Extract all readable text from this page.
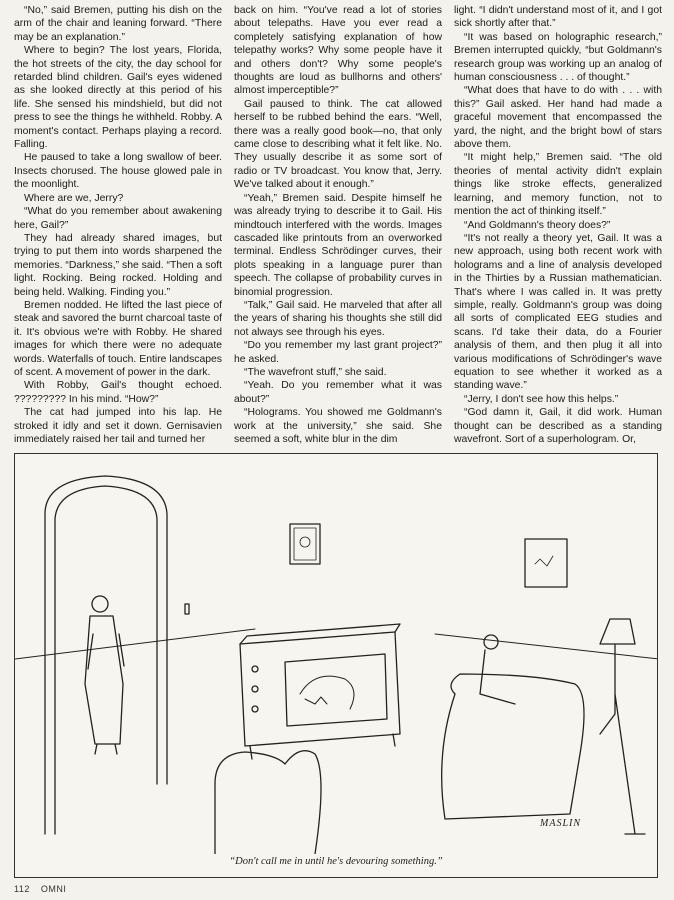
“No,” said Bremen, putting his dish on the arm of the chair and leaning forward. “There may be an explanation.”

Where to begin? The lost years, Florida, the hot streets of the city, the day school for retarded blind children. Gail's eyes widened as she looked directly at this period of his life. She sensed his mindshield, but did not press to see the things he withheld. Robby. A moment's contact. Perhaps playing a record. Falling.

He paused to take a long swallow of beer. Insects chorused. The house glowed pale in the moonlight.

Where are we, Jerry?

“What do you remember about awakening here, Gail?”

They had already shared images, but trying to put them into words sharpened the memories. “Darkness,” she said. “Then a soft light. Rocking. Being rocked. Holding and being held. Walking. Finding you.”

Bremen nodded. He lifted the last piece of steak and savored the burnt charcoal taste of it. It's obvious we're with Robby. He shared images for which there were no adequate words. Waterfalls of touch. Entire landscapes of scent. A movement of power in the dark.

With Robby, Gail's thought echoed. ????????? In his mind. “How?”

The cat had jumped into his lap. He stroked it idly and set it down. Gernisavien immediately raised her tail and turned her

back on him. “You've read a lot of stories about telepaths. Have you ever read a completely satisfying explanation of how telepathy works? Why some people have it and others don't? Why some people's thoughts are loud as bullhorns and others' almost imperceptible?”

Gail paused to think. The cat allowed herself to be rubbed behind the ears. “Well, there was a really good book—no, that only came close to describing what it felt like. No. They usually describe it as some sort of radio or TV broadcast. You know that, Jerry. We've talked about it enough.”

“Yeah,” Bremen said. Despite himself he was already trying to describe it to Gail. His mindtouch interfered with the words. Images cascaded like printouts from an overworked terminal. Endless Schrödinger curves, their plots speaking in a language purer than speech. The collapse of probability curves in binomial progression.

“Talk,” Gail said. He marveled that after all the years of sharing his thoughts she still did not always see through his eyes.

“Do you remember my last grant project?” he asked.

“The wavefront stuff,” she said.

“Yeah. Do you remember what it was about?”

“Holograms. You showed me Goldmann's work at the university,” she said. She seemed a soft, white blur in the dim

light. “I didn't understand most of it, and I got sick shortly after that.”

“It was based on holographic research,” Bremen interrupted quickly, “but Goldmann's research group was working up an analog of human consciousness . . . of thought.”

“What does that have to do with . . . with this?” Gail asked. Her hand had made a graceful movement that encompassed the yard, the night, and the bright bowl of stars above them.

“It might help,” Bremen said. “The old theories of mental activity didn't explain things like stroke effects, generalized learning, and memory function, not to mention the act of thinking itself.”

“And Goldmann's theory does?”

“It's not really a theory yet, Gail. It was a new approach, using both recent work with holograms and a line of analysis developed in the Thirties by a Russian mathematician. That's where I was called in. It was pretty simple, really. Goldmann's group was doing all sorts of complicated EEG studies and scans. I'd take their data, do a Fourier analysis of them, and then plug it all into various modifications of Schrödinger's wave equation to see whether it worked as a standing wave.”

“Jerry, I don't see how this helps.”

“God damn it, Gail, it did work. Human thought can be described as a standing wavefront. Sort of a superhologram. Or,

“Don't call me in until he's devouring something.”
MASLIN
112 OMNI
